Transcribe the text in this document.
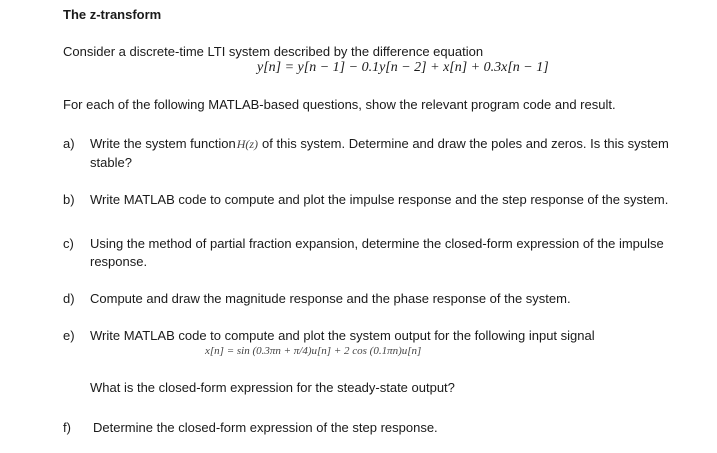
The z-transform
Consider a discrete-time LTI system described by the difference equation
y[n] = y[n − 1] − 0.1y[n − 2] + x[n] + 0.3x[n − 1]
For each of the following MATLAB-based questions, show the relevant program code and result.
a) Write the system functionH(z) of this system. Determine and draw the poles and zeros. Is this system
stable?
b) Write MATLAB code to compute and plot the impulse response and the step response of the system.
c) Using the method of partial fraction expansion, determine the closed-form expression of the impulse
response.
d) Compute and draw the magnitude response and the phase response of the system.
e) Write MATLAB code to compute and plot the system output for the following input signal
x[n] = sin (0.3πn + π/4)u[n] + 2 cos (0.1πn)u[n]
What is the closed-form expression for the steady-state output?
f) Determine the closed-form expression of the step response.
